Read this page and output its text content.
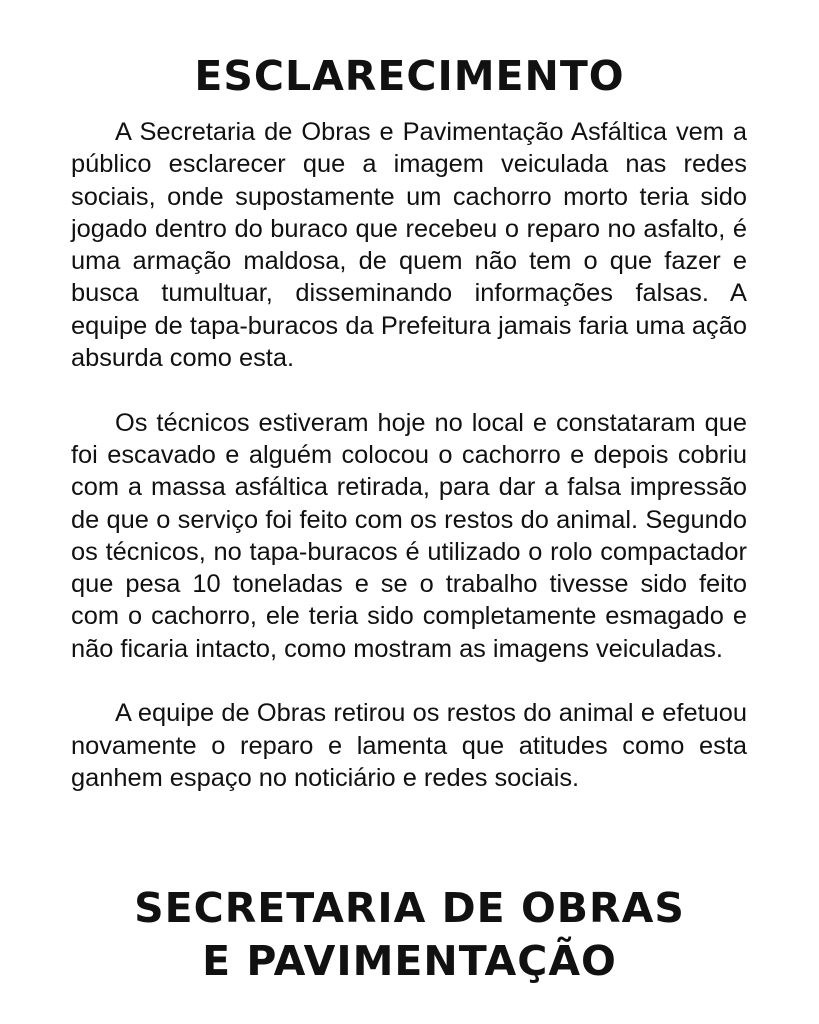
ESCLARECIMENTO

A Secretaria de Obras e Pavimentação Asfáltica vem a público esclarecer que a imagem veiculada nas redes sociais, onde supostamente um cachorro morto teria sido jogado dentro do buraco que recebeu o reparo no asfalto, é uma armação maldosa, de quem não tem o que fazer e busca tumultuar, disseminando informações falsas. A equipe de tapa-buracos da Prefeitura jamais faria uma ação absurda como esta.

Os técnicos estiveram hoje no local e constataram que foi escavado e alguém colocou o cachorro e depois cobriu com a massa asfáltica retirada, para dar a falsa impressão de que o serviço foi feito com os restos do animal. Segundo os técnicos, no tapa-buracos é utilizado o rolo compactador que pesa 10 toneladas e se o trabalho tivesse sido feito com o cachorro, ele teria sido completamente esmagado e não ficaria intacto, como mostram as imagens veiculadas.

A equipe de Obras retirou os restos do animal e efetuou novamente o reparo e lamenta que atitudes como esta ganhem espaço no noticiário e redes sociais.

SECRETARIA DE OBRAS
E PAVIMENTAÇÃO
